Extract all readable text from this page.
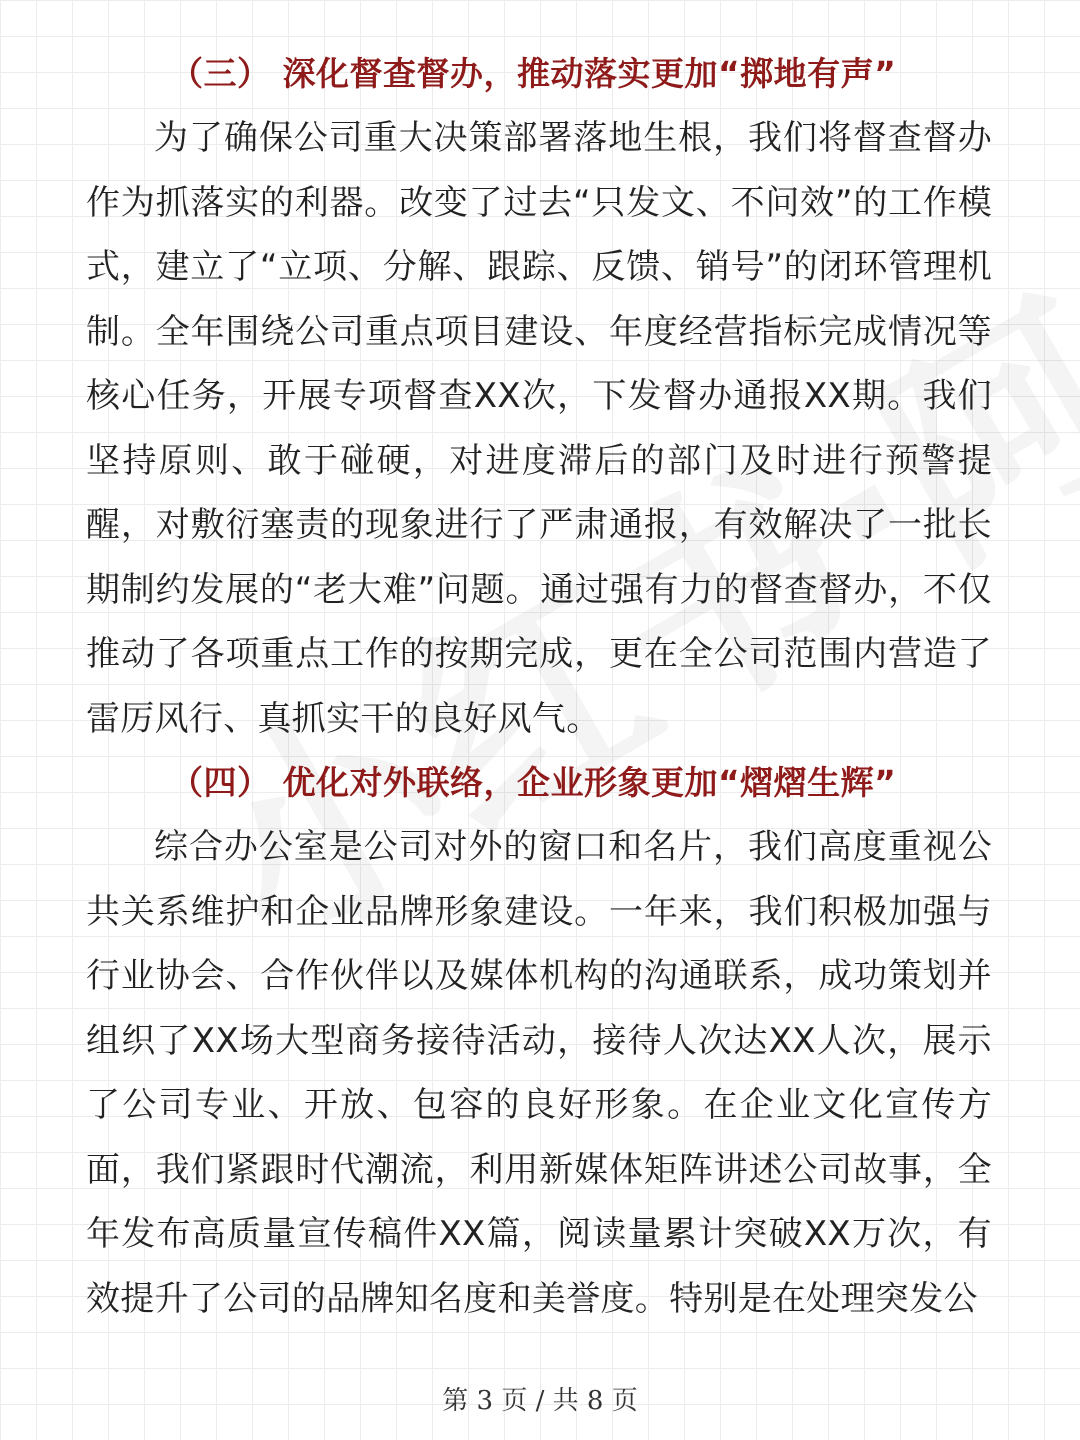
（三） 深化督查督办，推动落实更加“掷地有声”

为了确保公司重大决策部署落地生根，我们将督查督办作为抓落实的利器。改变了过去“只发文、不问效”的工作模式，建立了“立项、分解、跟踪、反馈、销号”的闭环管理机制。全年围绕公司重点项目建设、年度经营指标完成情况等核心任务，开展专项督查XX次，下发督办通报XX期。我们坚持原则、敢于碰硬，对进度滞后的部门及时进行预警提醒，对敷衍塞责的现象进行了严肃通报，有效解决了一批长期制约发展的“老大难”问题。通过强有力的督查督办，不仅推动了各项重点工作的按期完成，更在全公司范围内营造了雷厉风行、真抓实干的良好风气。

（四） 优化对外联络，企业形象更加“熠熠生辉”

综合办公室是公司对外的窗口和名片，我们高度重视公共关系维护和企业品牌形象建设。一年来，我们积极加强与行业协会、合作伙伴以及媒体机构的沟通联系，成功策划并组织了XX场大型商务接待活动，接待人次达XX人次，展示了公司专业、开放、包容的良好形象。在企业文化宣传方面，我们紧跟时代潮流，利用新媒体矩阵讲述公司故事，全年发布高质量宣传稿件XX篇，阅读量累计突破XX万次，有效提升了公司的品牌知名度和美誉度。特别是在处理突发公

第 3 页 / 共 8 页
